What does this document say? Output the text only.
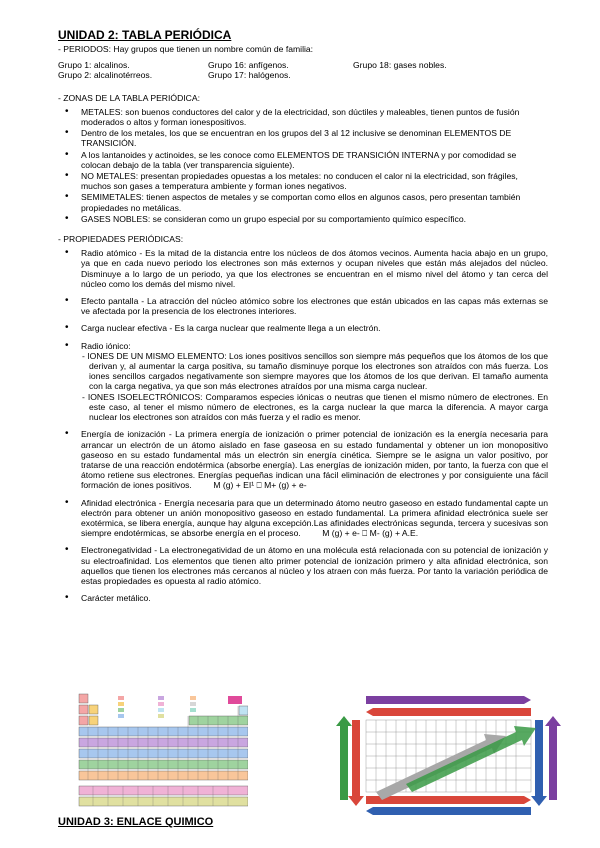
UNIDAD 2: TABLA PERIÓDICA

- PERIODOS: Hay grupos que tienen un nombre común de familia:

Grupo 1: alcalinos.	Grupo 16: anfígenos.	Grupo 18: gases nobles.
Grupo 2: alcalinotérreos.	Grupo 17: halógenos.

- ZONAS DE LA TABLA PERIÓDICA:

• METALES: son buenos conductores del calor y de la electricidad, son dúctiles y maleables, tienen puntos de fusión moderados o altos y forman ionespositivos.
• Dentro de los metales, los que se encuentran en los grupos del 3 al 12 inclusive se denominan ELEMENTOS DE TRANSICIÓN.
• A los lantanoides y actinoides, se les conoce como ELEMENTOS DE TRANSICIÓN INTERNA y por comodidad se colocan debajo de la tabla (ver transparencia siguiente).
• NO METALES: presentan propiedades opuestas a los metales: no conducen el calor ni la electricidad, son frágiles, muchos son gases a temperatura ambiente y forman iones negativos.
• SEMIMETALES: tienen aspectos de metales y se comportan como ellos en algunos casos, pero presentan también propiedades no metálicas.
• GASES NOBLES: se consideran como un grupo especial por su comportamiento químico específico.

- PROPIEDADES PERIÓDICAS:

• Radio atómico - Es la mitad de la distancia entre los núcleos de dos átomos vecinos. Aumenta hacia abajo en un grupo, ya que en cada nuevo periodo los electrones son más externos y ocupan niveles que están más alejados del núcleo. Disminuye a lo largo de un periodo, ya que los electrones se encuentran en el mismo nivel del átomo y tan cerca del núcleo como los demás del mismo nivel.
• Efecto pantalla - La atracción del núcleo atómico sobre los electrones que están ubicados en las capas más externas se ve afectada por la presencia de los electrones interiores.
• Carga nuclear efectiva - Es la carga nuclear que realmente llega a un electrón.
• Radio iónico:
- IONES DE UN MISMO ELEMENTO: Los iones positivos sencillos son siempre más pequeños que los átomos de los que derivan y, al aumentar la carga positiva, su tamaño disminuye porque los electrones son atraídos con más fuerza. Los iones sencillos cargados negativamente son siempre mayores que los átomos de los que derivan. El tamaño aumenta con la carga negativa, ya que son más electrones atraídos por una misma carga nuclear.
- IONES ISOELECTRÓNICOS: Comparamos especies iónicas o neutras que tienen el mismo número de electrones. En este caso, al tener el mismo número de electrones, es la carga nuclear la que marca la diferencia. A mayor carga nuclear los electrones son atraídos con más fuerza y el radio es menor.
• Energía de ionización - La primera energía de ionización o primer potencial de ionización es la energía necesaria para arrancar un electrón de un átomo aislado en fase gaseosa en su estado fundamental y obtener un ion monopositivo gaseoso en su estado fundamental más un electrón sin energía cinética. Siempre se le asigna un valor positivo, por tratarse de una reacción endotérmica (absorbe energía). Las energías de ionización miden, por tanto, la fuerza con que el átomo retiene sus electrones. Energías pequeñas indican una fácil eliminación de electrones y por consiguiente una fácil formación de iones positivos.	M (g) + EI¹ ⎕ M+ (g) + e-
• Afinidad electrónica - Energía necesaria para que un determinado átomo neutro gaseoso en estado fundamental capte un electrón para obtener un anión monopositivo gaseoso en estado fundamental. La primera afinidad electrónica suele ser exotérmica, se libera energía, aunque hay alguna excepción.Las afinidades electrónicas segunda, tercera y sucesivas son siempre endotérmicas, se absorbe energía en el proceso.	M (g) + e- ⎕ M- (g) + A.E.
• Electronegatividad - La electronegatividad de un átomo en una molécula está relacionada con su potencial de ionización y su electroafinidad. Los elementos que tienen alto primer potencial de ionización primero y alta afinidad electrónica, son aquellos que tienen los electrones más cercanos al núcleo y los atraen con más fuerza. Por tanto la variación periódica de estas propiedades es opuesta al radio atómico.
• Carácter metálico.
UNIDAD 3: ENLACE QUIMICO
